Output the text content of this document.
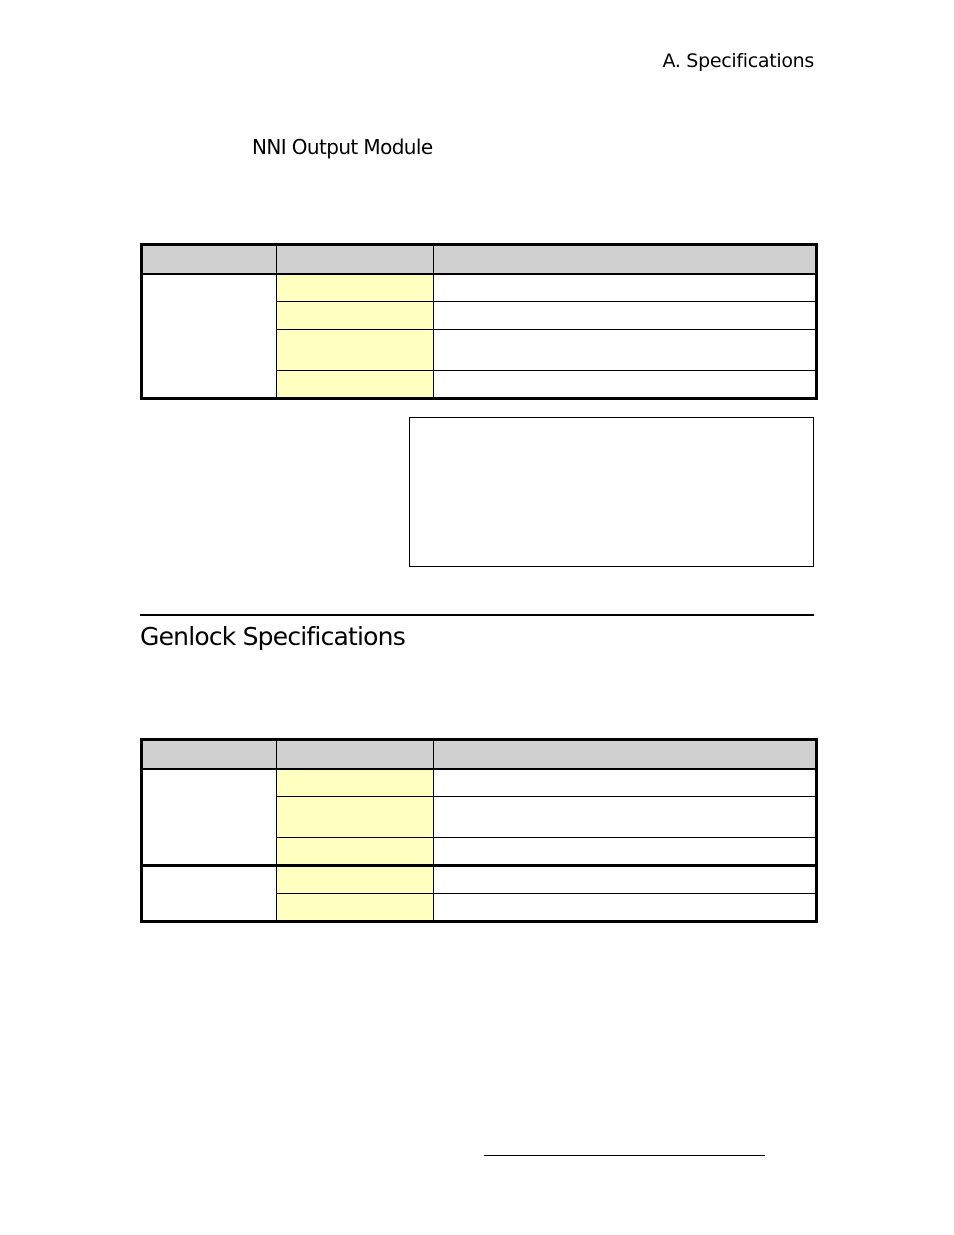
A. Specifications
NNI Output Module

Genlock Specifications
